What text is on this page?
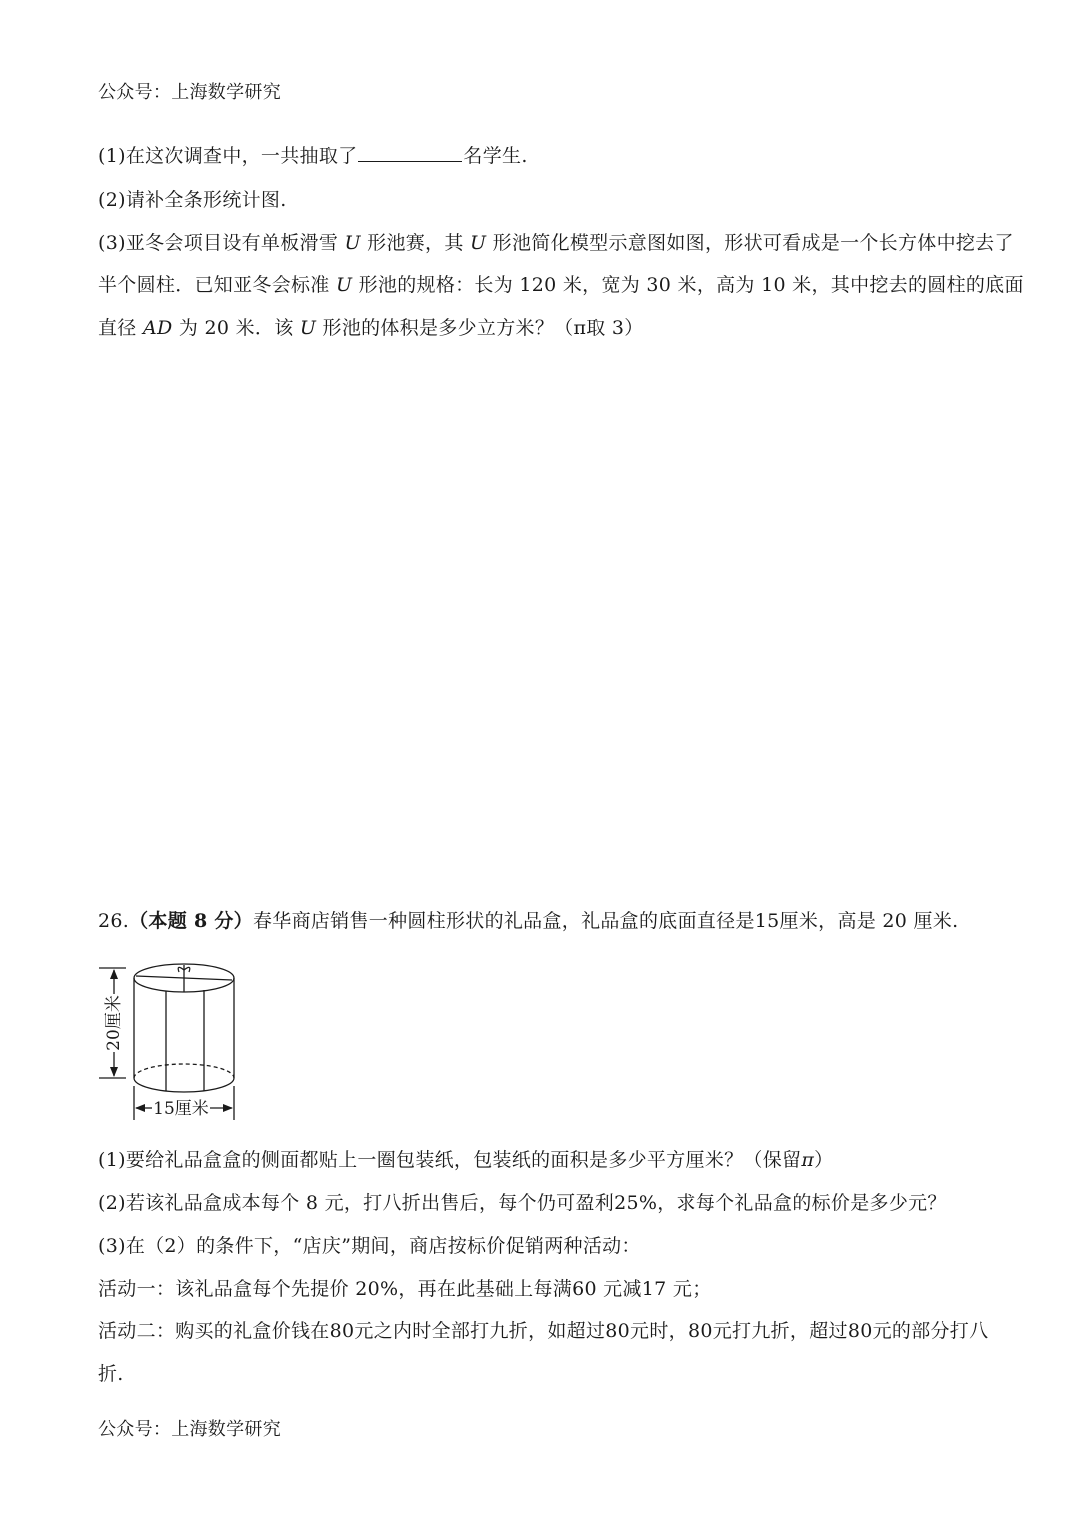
公众号：上海数学研究
(1)在这次调查中，一共抽取了	名学生.
(2)请补全条形统计图.
(3)亚冬会项目设有单板滑雪 U 形池赛，其 U 形池简化模型示意图如图，形状可看成是一个长方体中挖去了
半个圆柱．已知亚冬会标准 U 形池的规格：长为 120 米，宽为 30 米，高为 10 米，其中挖去的圆柱的底面
直径 AD 为 20 米．该 U 形池的体积是多少立方米？（π取 3）
26.（本题 8 分）春华商店销售一种圆柱形状的礼品盒，礼品盒的底面直径是15厘米，高是 20 厘米.
20厘米
15厘米
(1)要给礼品盒盒的侧面都贴上一圈包装纸，包装纸的面积是多少平方厘米？（保留π）
(2)若该礼品盒成本每个 8 元，打八折出售后，每个仍可盈利25%，求每个礼品盒的标价是多少元？
(3)在（2）的条件下，“店庆”期间，商店按标价促销两种活动：
活动一：该礼品盒每个先提价 20%，再在此基础上每满60 元减17 元；
活动二：购买的礼盒价钱在80元之内时全部打九折，如超过80元时，80元打九折，超过80元的部分打八
折.
公众号：上海数学研究
